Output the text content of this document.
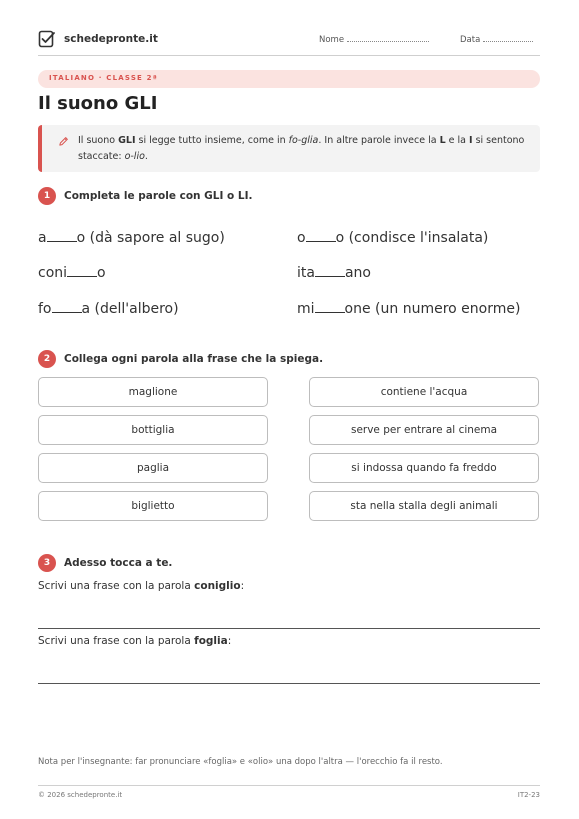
schedepronte.it	Nome	Data
ITALIANO · CLASSE 2ª
Il suono GLI
Il suono GLI si legge tutto insieme, come in fo-glia. In altre parole invece la L e la I si sentono staccate: o-lio.
1	Completa le parole con GLI o LI.
a o (dà sapore al sugo)	o o (condisce l'insalata)
coni o	ita ano
fo a (dell'albero)	mi one (un numero enorme)
2	Collega ogni parola alla frase che la spiega.
maglione	contiene l'acqua
bottiglia	serve per entrare al cinema
paglia	si indossa quando fa freddo
biglietto	sta nella stalla degli animali
3	Adesso tocca a te.
Scrivi una frase con la parola coniglio:
Scrivi una frase con la parola foglia:
Nota per l'insegnante: far pronunciare «foglia» e «olio» una dopo l'altra — l'orecchio fa il resto.
© 2026 schedepronte.it	IT2-23
